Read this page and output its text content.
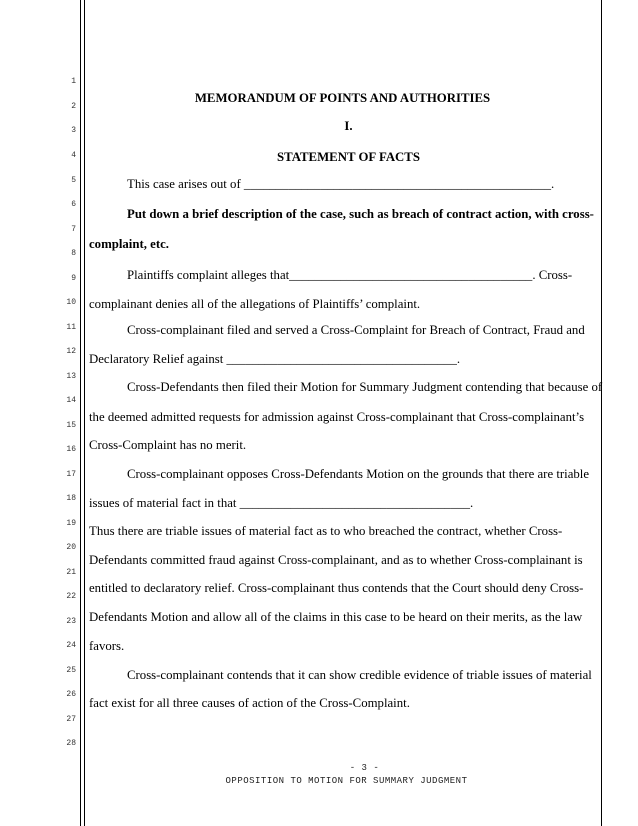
1
2
3
4
5
6
7
8
9
10
11
12
13
14
15
16
17
18
19
20
21
22
23
24
25
26
27
28
MEMORANDUM OF POINTS AND AUTHORITIES
I.
STATEMENT OF FACTS
This case arises out of ________________________________________________.
Put down a brief description of the case, such as breach of contract action, with cross-
complaint, etc.
Plaintiffs complaint alleges that______________________________________. Cross-
complainant denies all of the allegations of Plaintiffs’ complaint.
Cross-complainant filed and served a Cross-Complaint for Breach of Contract, Fraud and
Declaratory Relief against ____________________________________.
Cross-Defendants then filed their Motion for Summary Judgment contending that because of
the deemed admitted requests for admission against Cross-complainant that Cross-complainant’s
Cross-Complaint has no merit.
Cross-complainant opposes Cross-Defendants Motion on the grounds that there are triable
issues of material fact in that ____________________________________.
Thus there are triable issues of material fact as to who breached the contract, whether Cross-
Defendants committed fraud against Cross-complainant, and as to whether Cross-complainant is
entitled to declaratory relief. Cross-complainant thus contends that the Court should deny Cross-
Defendants Motion and allow all of the claims in this case to be heard on their merits, as the law
favors.
Cross-complainant contends that it can show credible evidence of triable issues of material
fact exist for all three causes of action of the Cross-Complaint.
- 3 -
OPPOSITION TO MOTION FOR SUMMARY JUDGMENT
